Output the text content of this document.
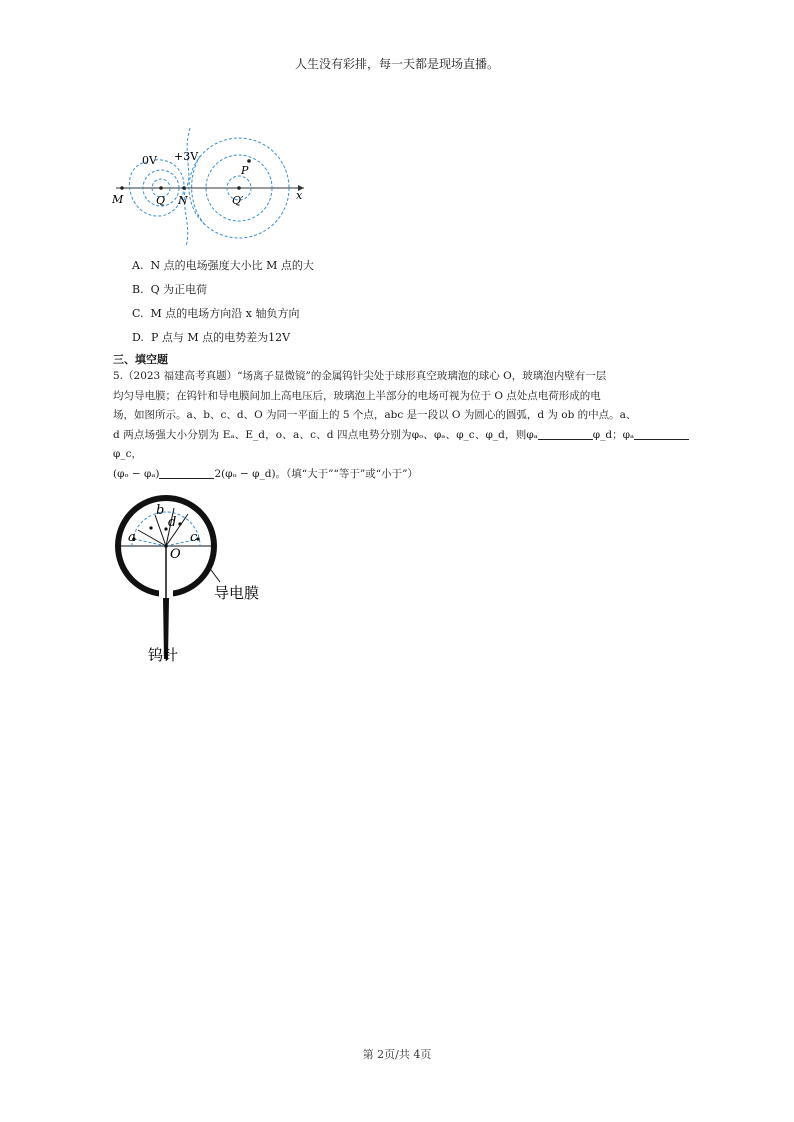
人生没有彩排，每一天都是现场直播。
0V +3V
M	Q N	Q′
P
x
A. N 点的电场强度大小比 M 点的大
B. Q 为正电荷
C. M 点的电场方向沿 x 轴负方向
D. P 点与 M 点的电势差为12V
三、填空题

5.（2023 福建高考真题）“场离子显微镜”的金属钨针尖处于球形真空玻璃泡的球心 O，玻璃泡内壁有一层

均匀导电膜；在钨针和导电膜间加上高电压后，玻璃泡上半部分的电场可视为位于 O 点处点电荷形成的电

场，如图所示。a、b、c、d、O 为同一平面上的 5 个点，abc 是一段以 O 为圆心的圆弧，d 为 ob 的中点。a、

d 两点场强大小分别为 Eₐ、E_d，o、a、c、d 四点电势分别为φₒ、φₐ、φ_c、φ_d，则φₐ	φ_d；φₐφ_c，

(φₒ − φₐ)	2(φₒ − φ_d)。（填“大于”“等于”或“小于”）

a
b
c
d
O
导电膜
钨针
第 2页/共 4页
